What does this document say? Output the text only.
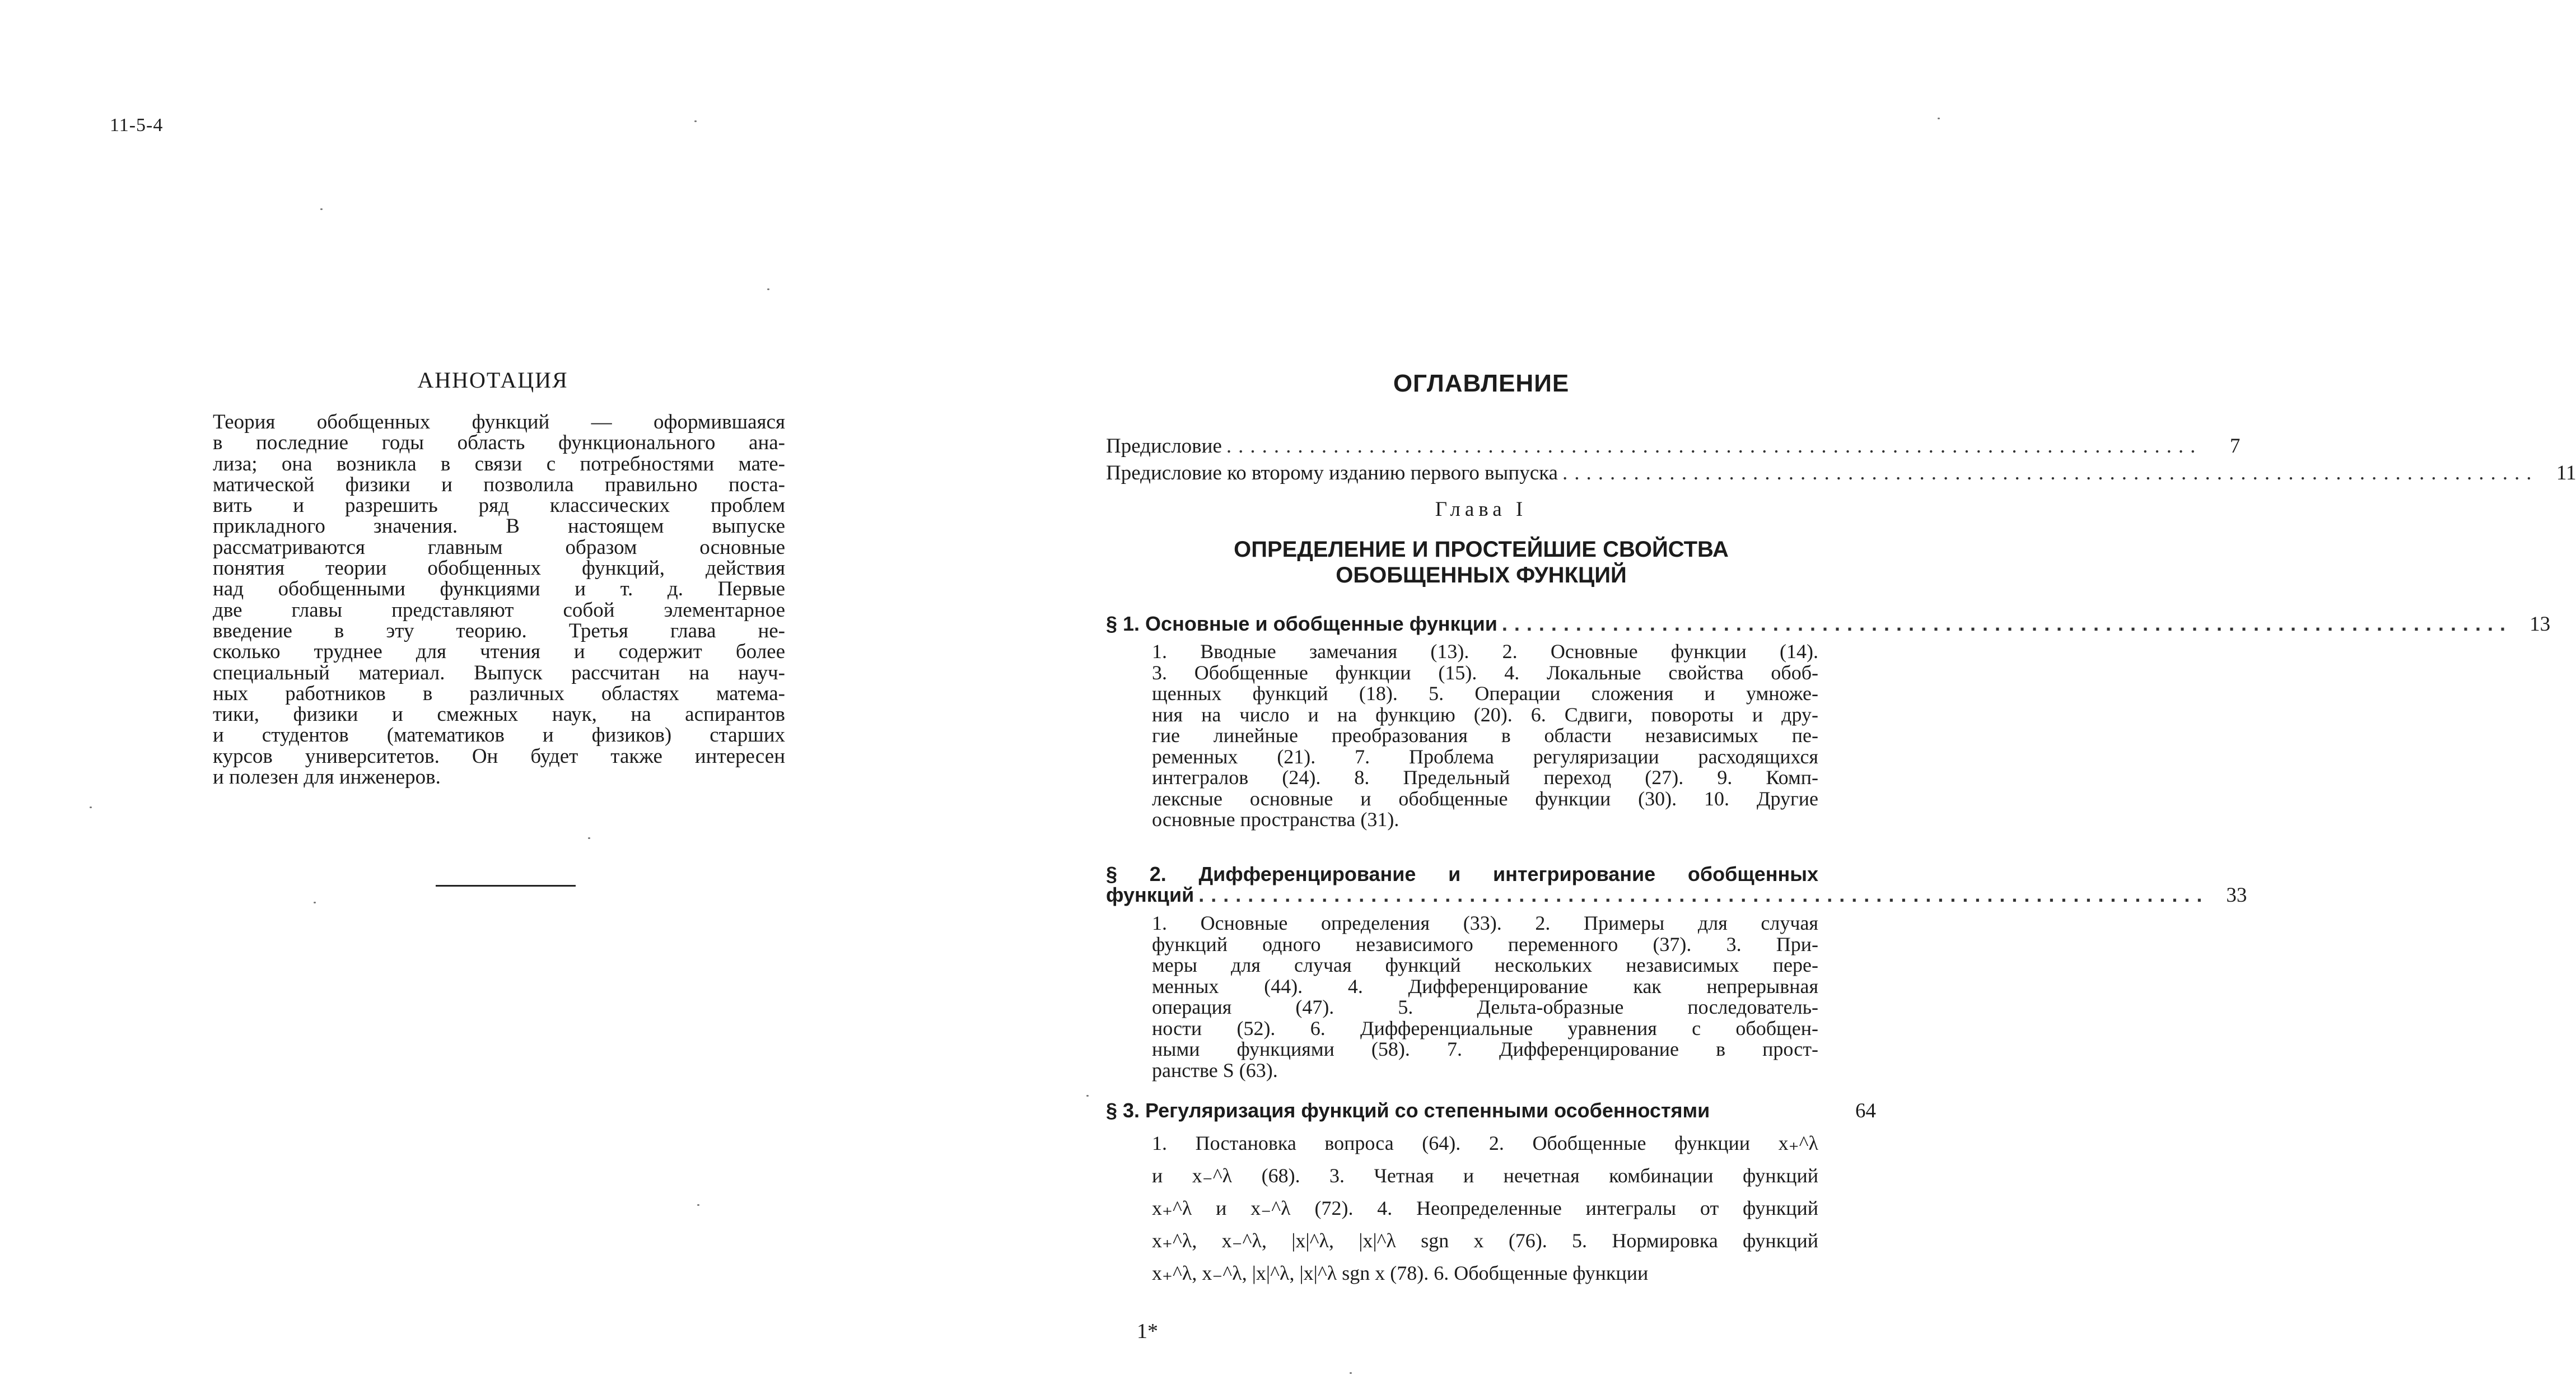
11-5-4
АННОТАЦИЯ
Теория обобщенных функций — оформившаяся
в последние годы область функционального ана-
лиза; она возникла в связи с потребностями мате-
матической физики и позволила правильно поста-
вить и разрешить ряд классических проблем
прикладного значения. В настоящем выпуске
рассматриваются главным образом основные
понятия теории обобщенных функций, действия
над обобщенными функциями и т. д. Первые
две главы представляют собой элементарное
введение в эту теорию. Третья глава не-
сколько труднее для чтения и содержит более
специальный материал. Выпуск рассчитан на науч-
ных работников в различных областях матема-
тики, физики и смежных наук, на аспирантов
и студентов (математиков и физиков) старших
курсов университетов. Он будет также интересен
и полезен для инженеров.
ОГЛАВЛЕНИЕ
Предисловие ..................................................................................	7
Предисловие ко второму изданию первого выпуска .................................................................................. 11
Глава I
ОПРЕДЕЛЕНИЕ И ПРОСТЕЙШИЕ СВОЙСТВА
ОБОБЩЕННЫХ ФУНКЦИЙ
§ 1. Основные и обобщенные функции .................................................................................. 13
1. Вводные замечания (13). 2. Основные функции (14).
3. Обобщенные функции (15). 4. Локальные свойства обоб-
щенных функций (18). 5. Операции сложения и умноже-
ния на число и на функцию (20). 6. Сдвиги, повороты и дру-
гие линейные преобразования в области независимых пе-
ременных (21). 7. Проблема регуляризации расходящихся
интегралов (24). 8. Предельный переход (27). 9. Комп-
лексные основные и обобщенные функции (30). 10. Другие
основные пространства (31).
§ 2. Дифференцирование и интегрирование обобщенных
функций .................................................................................. 33
1. Основные определения (33). 2. Примеры для случая
функций одного независимого переменного (37). 3. При-
меры для случая функций нескольких независимых пере-
менных (44). 4. Дифференцирование как непрерывная
операция (47). 5. Дельта-образные последователь-
ности (52). 6. Дифференциальные уравнения с обобщен-
ными функциями (58). 7. Дифференцирование в прост-
ранстве S (63).
§ 3. Регуляризация функций со степенными особенностями	64
1. Постановка вопроса (64). 2. Обобщенные функции x₊^λ
и x₋^λ (68). 3. Четная и нечетная комбинации функций
x₊^λ и x₋^λ (72). 4. Неопределенные интегралы от функций
x₊^λ, x₋^λ, |x|^λ, |x|^λ sgn x (76). 5. Нормировка функций
x₊^λ, x₋^λ, |x|^λ, |x|^λ sgn x (78). 6. Обобщенные функции
1*
